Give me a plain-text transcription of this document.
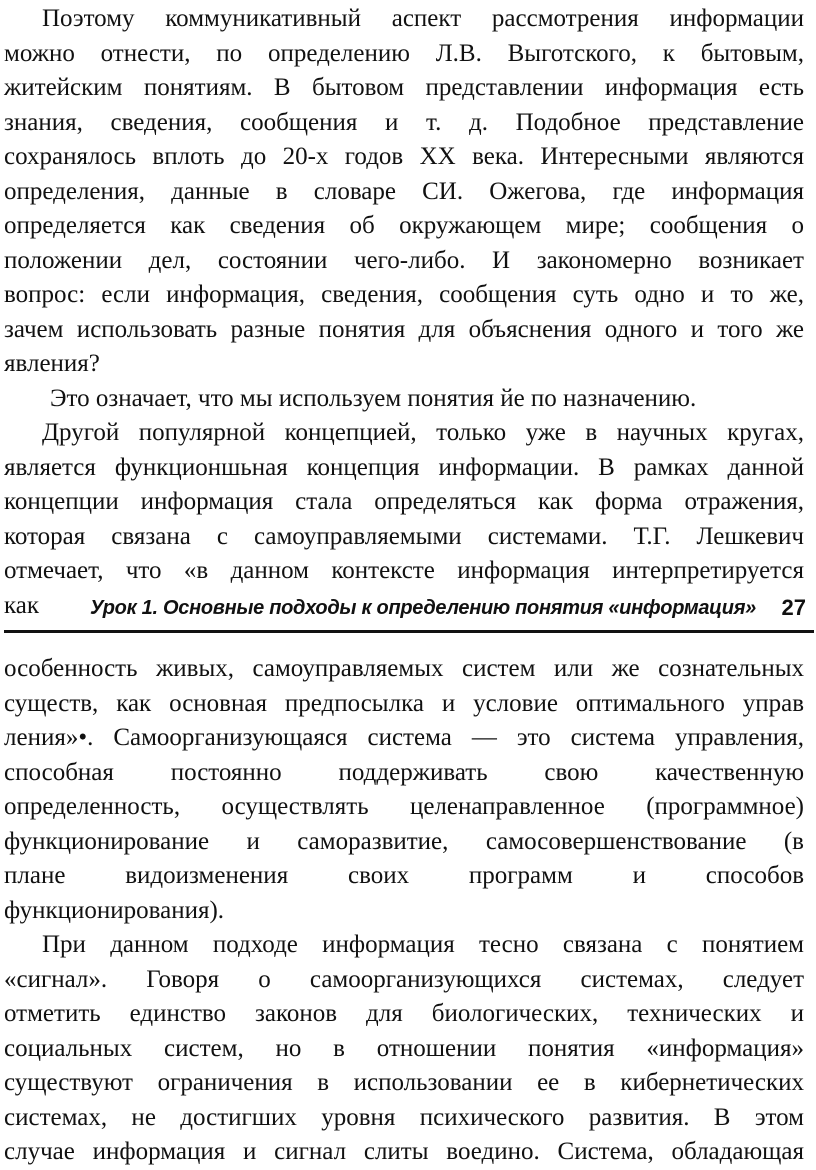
Поэтому коммуникативный аспект рассмотрения информации
можно отнести, по определению Л.В. Выготского, к бытовым,
житейским понятиям. В бытовом представлении информация есть
знания, сведения, сообщения и т. д. Подобное представление
сохранялось вплоть до 20-х годов XX века. Интересными являются
определения, данные в словаре СИ. Ожегова, где информация
определяется как сведения об окружающем мире; сообщения о
положении дел, состоянии чего-либо. И закономерно возникает
вопрос: если информация, сведения, сообщения суть одно и то же,
зачем использовать разные понятия для объяснения одного и того же
явления?
Это означает, что мы используем понятия йе по назначению.
Другой популярной концепцией, только уже в научных кругах,
является функционшьная концепция информации. В рамках данной
концепции информация стала определяться как форма отражения,
которая связана с самоуправляемыми системами. Т.Г. Лешкевич
отмечает, что «в данном контексте информация интерпретируется
как	Урок 1. Основные подходы к определению понятия «информация» 27
особенность живых, самоуправляемых систем или же сознательных
существ, как основная предпосылка и условие оптимального управ
ления»•. Самоорганизующаяся система — это система управления,
способная постоянно поддерживать свою качественную
определенность, осуществлять целенаправленное (программное)
функционирование и саморазвитие, самосовершенствование (в
плане видоизменения своих программ и способов
функционирования).
При данном подходе информация тесно связана с понятием
«сигнал». Говоря о самоорганизующихся системах, следует
отметить единство законов для биологических, технических и
социальных систем, но в отношении понятия «информация»
существуют ограничения в использовании ее в кибернетических
системах, не достигших уровня психического развития. В этом
случае информация и сигнал слиты воедино. Система, обладающая
